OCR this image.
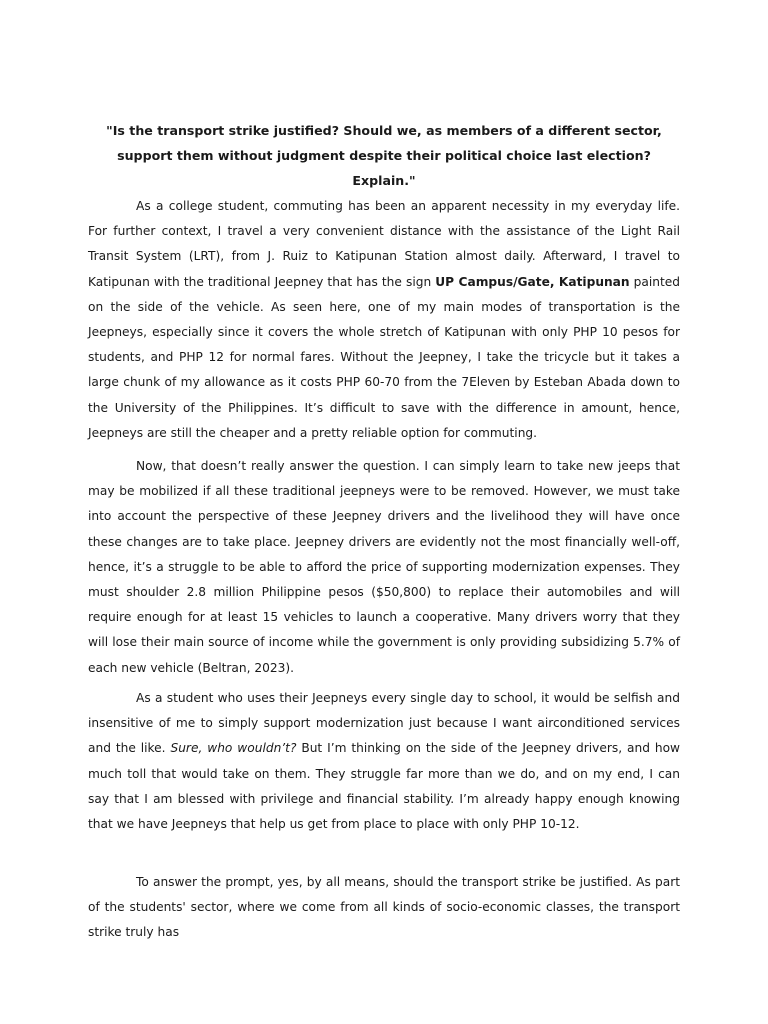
"Is the transport strike justified? Should we, as members of a different sector, support them without judgment despite their political choice last election? Explain."

As a college student, commuting has been an apparent necessity in my everyday life. For further context, I travel a very convenient distance with the assistance of the Light Rail Transit System (LRT), from J. Ruiz to Katipunan Station almost daily. Afterward, I travel to Katipunan with the traditional Jeepney that has the sign UP Campus/Gate, Katipunan painted on the side of the vehicle. As seen here, one of my main modes of transportation is the Jeepneys, especially since it covers the whole stretch of Katipunan with only PHP 10 pesos for students, and PHP 12 for normal fares. Without the Jeepney, I take the tricycle but it takes a large chunk of my allowance as it costs PHP 60-70 from the 7Eleven by Esteban Abada down to the University of the Philippines. It’s difficult to save with the difference in amount, hence, Jeepneys are still the cheaper and a pretty reliable option for commuting.

Now, that doesn’t really answer the question. I can simply learn to take new jeeps that may be mobilized if all these traditional jeepneys were to be removed. However, we must take into account the perspective of these Jeepney drivers and the livelihood they will have once these changes are to take place. Jeepney drivers are evidently not the most financially well-off, hence, it’s a struggle to be able to afford the price of supporting modernization expenses. They must shoulder 2.8 million Philippine pesos ($50,800) to replace their automobiles and will require enough for at least 15 vehicles to launch a cooperative. Many drivers worry that they will lose their main source of income while the government is only providing subsidizing 5.7% of each new vehicle (Beltran, 2023).

As a student who uses their Jeepneys every single day to school, it would be selfish and insensitive of me to simply support modernization just because I want airconditioned services and the like. Sure, who wouldn’t? But I’m thinking on the side of the Jeepney drivers, and how much toll that would take on them. They struggle far more than we do, and on my end, I can say that I am blessed with privilege and financial stability. I’m already happy enough knowing that we have Jeepneys that help us get from place to place with only PHP 10-12.

To answer the prompt, yes, by all means, should the transport strike be justified. As part of the students' sector, where we come from all kinds of socio-economic classes, the transport strike truly has
